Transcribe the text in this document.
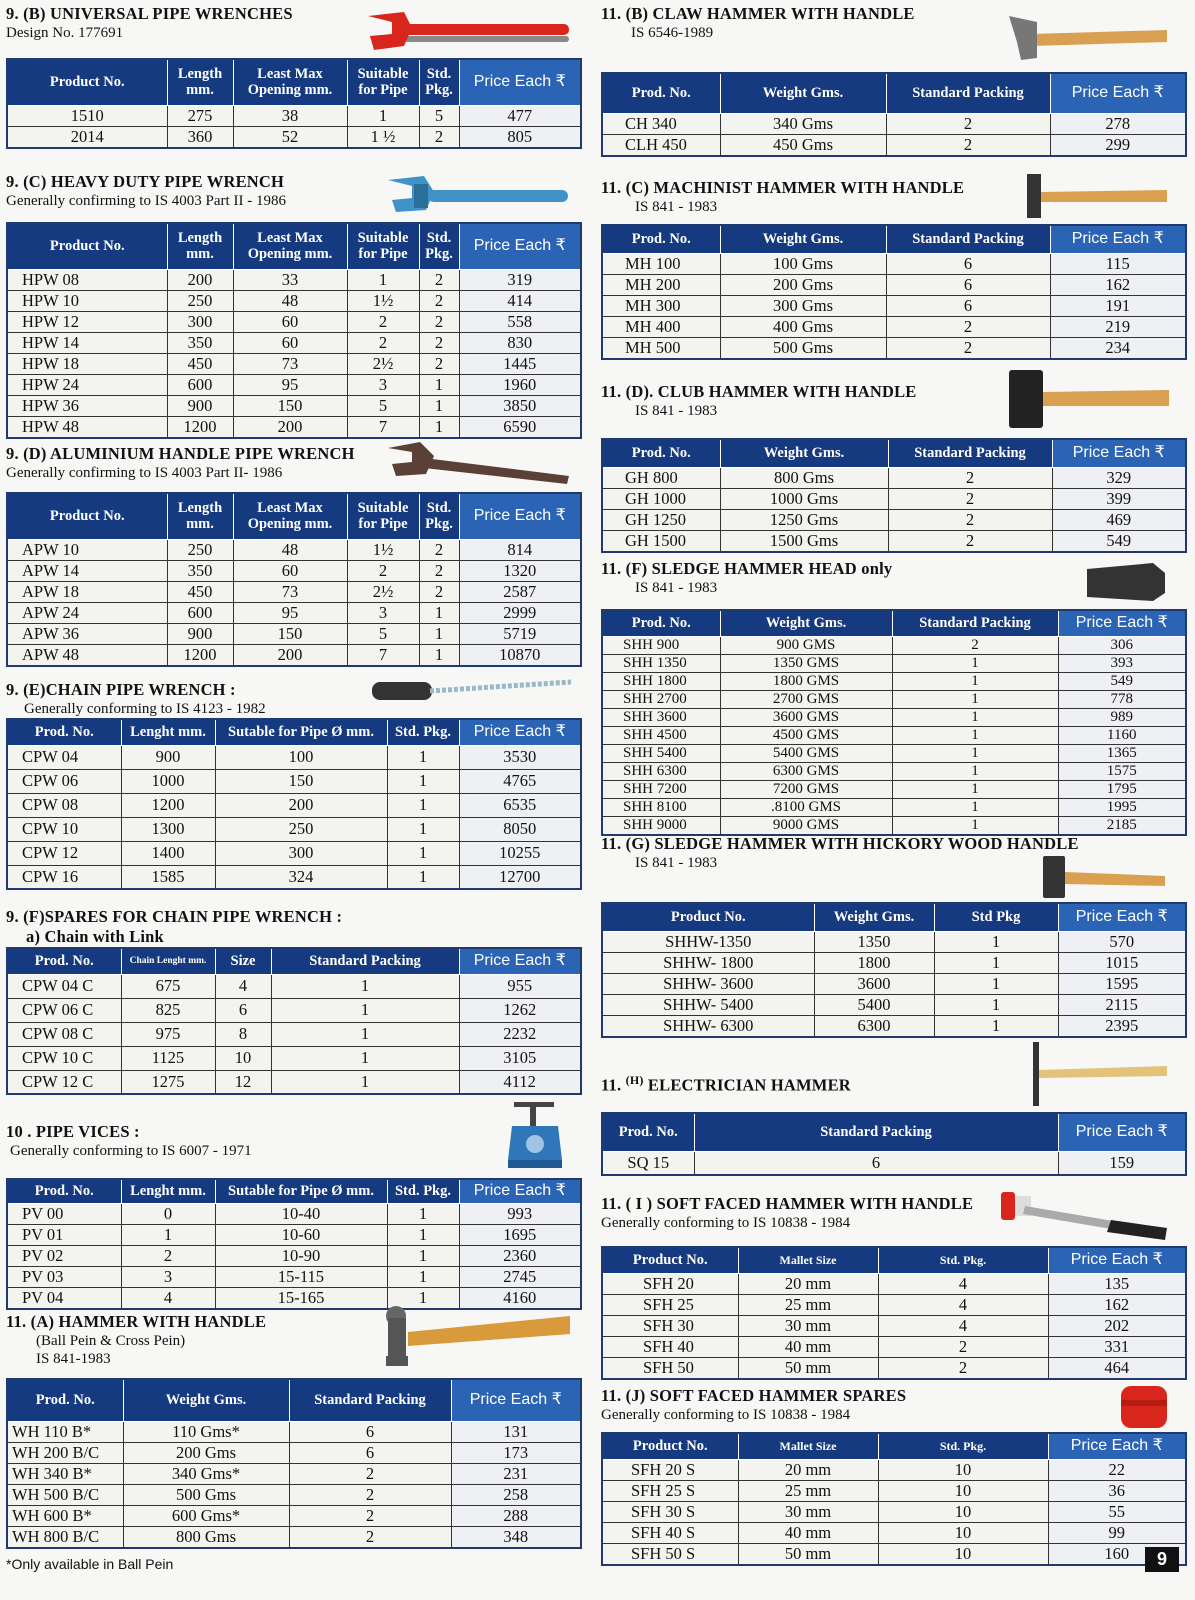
9. (B) UNIVERSAL PIPE WRENCHES
Design No. 177691
Product No.	Length mm.	Least Max Opening mm.	Suitable for Pipe	Std. Pkg.	Price Each ₹
1510	275	38	1	5	477
2014	360	52	1 ½	2	805
9. (C) HEAVY DUTY PIPE WRENCH
Generally confirming to IS 4003 Part II - 1986
Product No.	Length mm.	Least Max Opening mm.	Suitable for Pipe	Std. Pkg.	Price Each ₹
HPW 08	200	33	1	2	319
HPW 10	250	48	1½	2	414
HPW 12	300	60	2	2	558
HPW 14	350	60	2	2	830
HPW 18	450	73	2½	2	1445
HPW 24	600	95	3	1	1960
HPW 36	900	150	5	1	3850
HPW 48	1200	200	7	1	6590
9. (D) ALUMINIUM HANDLE PIPE WRENCH
Generally confirming to IS 4003 Part II- 1986
Product No.	Length mm.	Least Max Opening mm.	Suitable for Pipe	Std. Pkg.	Price Each ₹
APW 10	250	48	1½	2	814
APW 14	350	60	2	2	1320
APW 18	450	73	2½	2	2587
APW 24	600	95	3	1	2999
APW 36	900	150	5	1	5719
APW 48	1200	200	7	1	10870
9. (E)CHAIN PIPE WRENCH :
Generally conforming to IS 4123 - 1982
Prod. No.	Lenght mm.	Sutable for Pipe Ø mm.	Std. Pkg.	Price Each ₹
CPW 04	900	100	1	3530
CPW 06	1000	150	1	4765
CPW 08	1200	200	1	6535
CPW 10	1300	250	1	8050
CPW 12	1400	300	1	10255
CPW 16	1585	324	1	12700
9. (F)SPARES FOR CHAIN PIPE WRENCH :
a) Chain with Link
Prod. No.	Chain Lenght mm.	Size	Standard Packing	Price Each ₹
CPW 04 C	675	4	1	955
CPW 06 C	825	6	1	1262
CPW 08 C	975	8	1	2232
CPW 10 C	1125	10	1	3105
CPW 12 C	1275	12	1	4112
10 . PIPE VICES :
Generally conforming to IS 6007 - 1971
Prod. No.	Lenght mm.	Sutable for Pipe Ø mm.	Std. Pkg.	Price Each ₹
PV 00	0	10-40	1	993
PV 01	1	10-60	1	1695
PV 02	2	10-90	1	2360
PV 03	3	15-115	1	2745
PV 04	4	15-165	1	4160
11. (A) HAMMER WITH HANDLE
(Ball Pein & Cross Pein)
IS 841-1983
Prod. No.	Weight Gms.	Standard Packing	Price Each ₹
WH 110 B*	110 Gms*	6	131
WH 200 B/C	200 Gms	6	173
WH 340 B*	340 Gms*	2	231
WH 500 B/C	500 Gms	2	258
WH 600 B*	600 Gms*	2	288
WH 800 B/C	800 Gms	2	348
*Only available in Ball Pein
11. (B) CLAW HAMMER WITH HANDLE
IS 6546-1989
Prod. No.	Weight Gms.	Standard Packing	Price Each ₹
CH 340	340 Gms	2	278
CLH 450	450 Gms	2	299
11. (C) MACHINIST HAMMER WITH HANDLE
IS 841 - 1983
Prod. No.	Weight Gms.	Standard Packing	Price Each ₹
MH 100	100 Gms	6	115
MH 200	200 Gms	6	162
MH 300	300 Gms	6	191
MH 400	400 Gms	2	219
MH 500	500 Gms	2	234
11. (D). CLUB HAMMER WITH HANDLE
IS 841 - 1983
Prod. No.	Weight Gms.	Standard Packing	Price Each ₹
GH 800	800 Gms	2	329
GH 1000	1000 Gms	2	399
GH 1250	1250 Gms	2	469
GH 1500	1500 Gms	2	549
11. (F) SLEDGE HAMMER HEAD only
IS 841 - 1983
Prod. No.	Weight Gms.	Standard Packing	Price Each ₹
SHH 900	900 GMS	2	306
SHH 1350	1350 GMS	1	393
SHH 1800	1800 GMS	1	549
SHH 2700	2700 GMS	1	778
SHH 3600	3600 GMS	1	989
SHH 4500	4500 GMS	1	1160
SHH 5400	5400 GMS	1	1365
SHH 6300	6300 GMS	1	1575
SHH 7200	7200 GMS	1	1795
SHH 8100	.8100 GMS	1	1995
SHH 9000	9000 GMS	1	2185
11. (G) SLEDGE HAMMER WITH HICKORY WOOD HANDLE
IS 841 - 1983
Product No.	Weight Gms.	Std Pkg	Price Each ₹
SHHW-1350	1350	1	570
SHHW- 1800	1800	1	1015
SHHW- 3600	3600	1	1595
SHHW- 5400	5400	1	2115
SHHW- 6300	6300	1	2395
11. $^{(H)}$ ELECTRICIAN HAMMER
Prod. No.	Standard Packing	Price Each ₹
SQ 15	6	159
11. ( I ) SOFT FACED HAMMER WITH HANDLE
Generally conforming to IS 10838 - 1984
Product No.	Mallet Size	Std. Pkg.	Price Each ₹
SFH 20	20 mm	4	135
SFH 25	25 mm	4	162
SFH 30	30 mm	4	202
SFH 40	40 mm	2	331
SFH 50	50 mm	2	464
11. (J) SOFT FACED HAMMER SPARES
Generally conforming to IS 10838 - 1984
Product No.	Mallet Size	Std. Pkg.	Price Each ₹
SFH 20 S	20 mm	10	22
SFH 25 S	25 mm	10	36
SFH 30 S	30 mm	10	55
SFH 40 S	40 mm	10	99
SFH 50 S	50 mm	10	160	9
